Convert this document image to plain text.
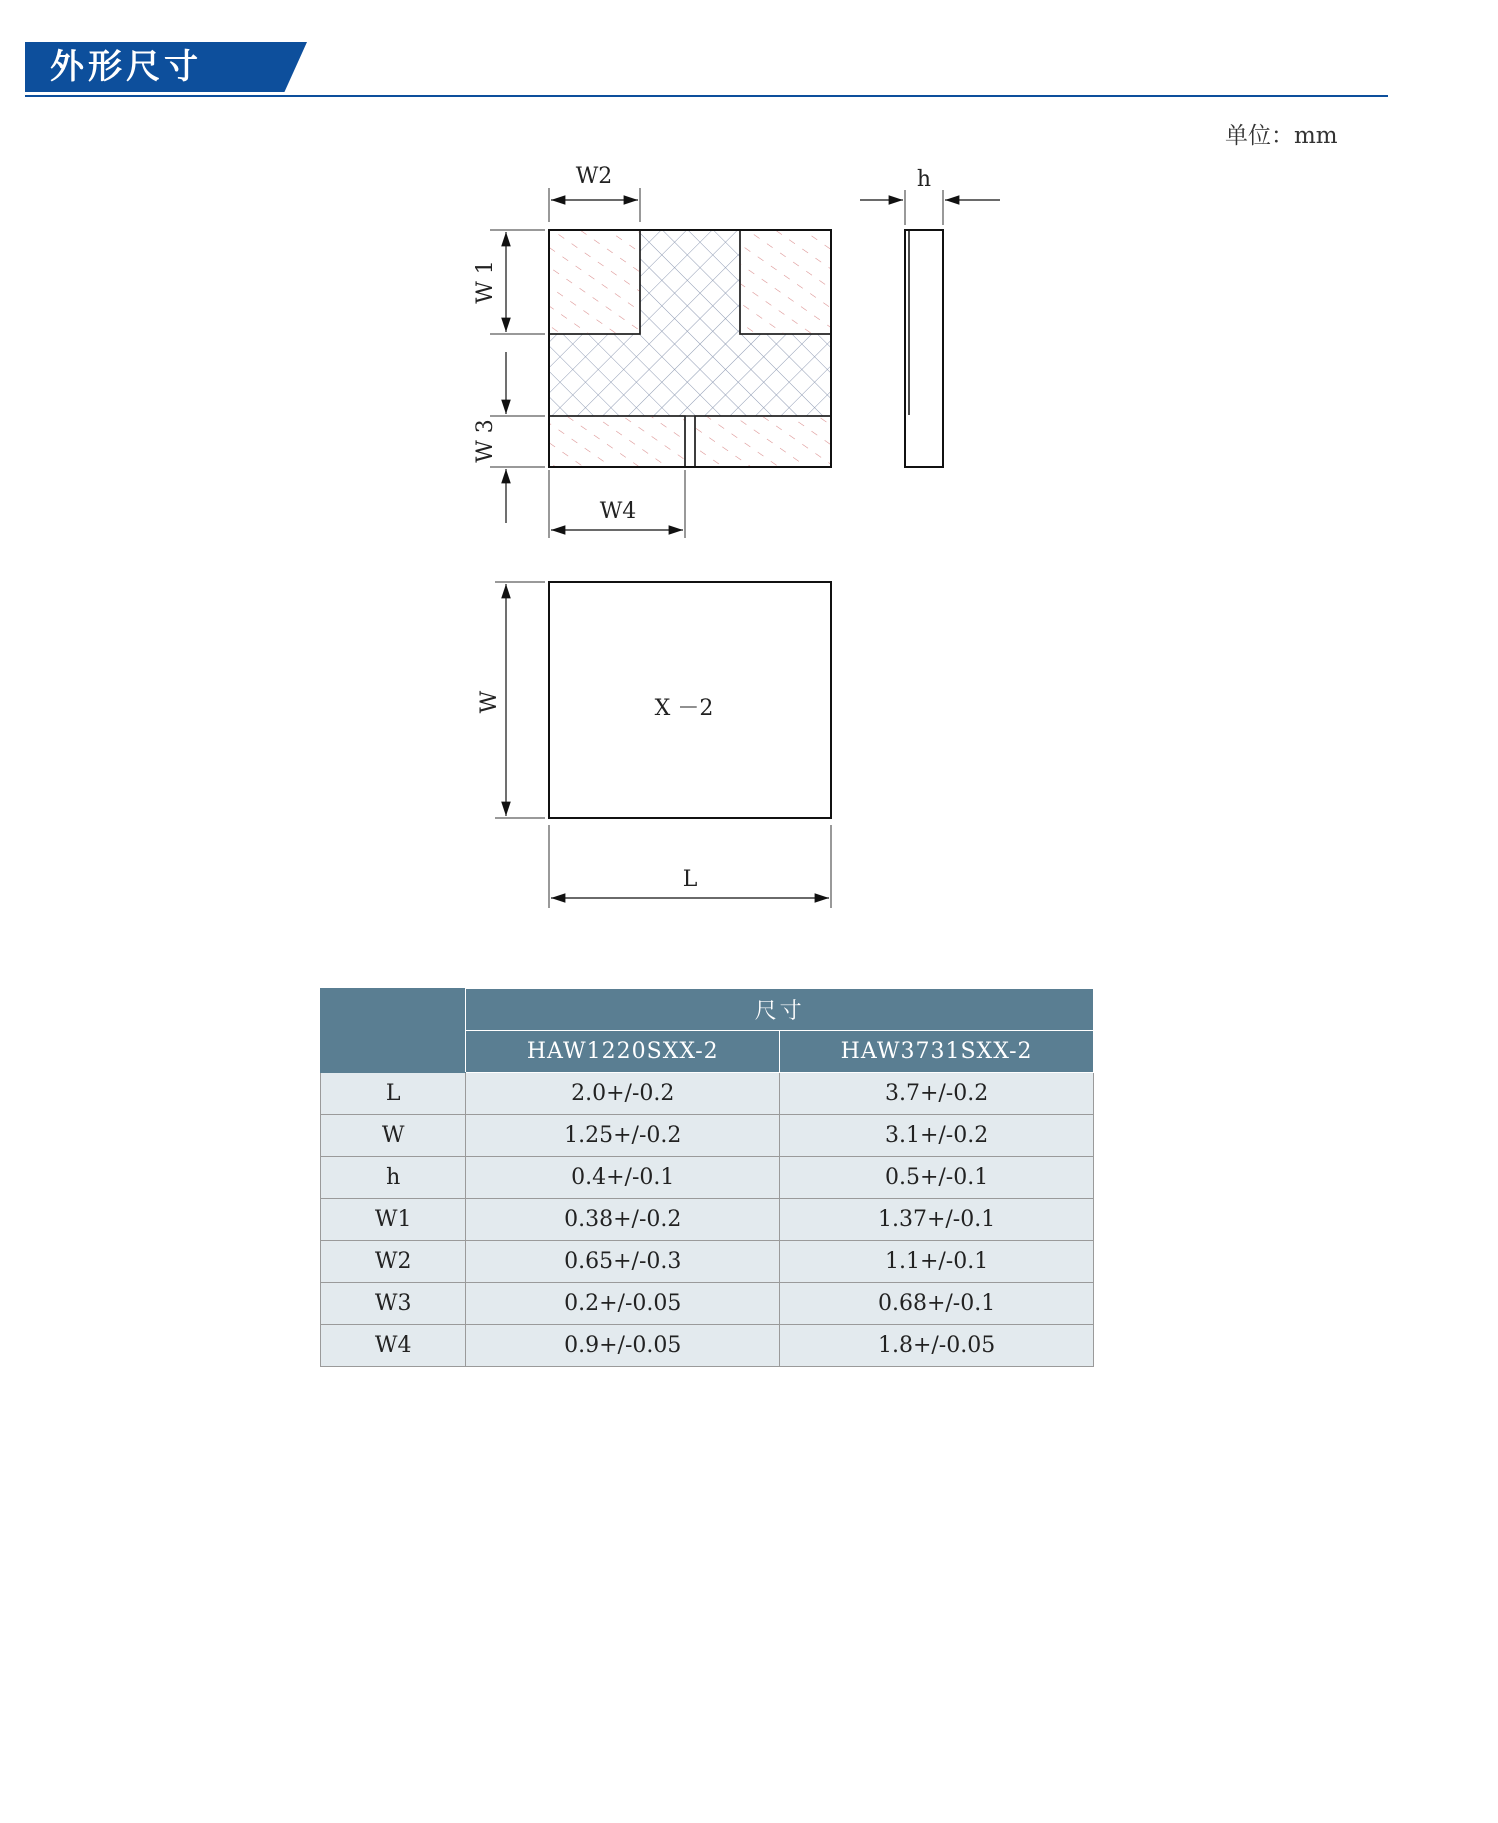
外形尺寸
单位：mm
W2	h
W 1
W 3
W4
X －2
W
L
	尺寸	
	HAW1220SXX-2	HAW3731SXX-2
L	2.0+/-0.2	3.7+/-0.2
W	1.25+/-0.2	3.1+/-0.2
h	0.4+/-0.1	0.5+/-0.1
W1	0.38+/-0.2	1.37+/-0.1
W2	0.65+/-0.3	1.1+/-0.1
W3	0.2+/-0.05	0.68+/-0.1
W4	0.9+/-0.05	1.8+/-0.05
